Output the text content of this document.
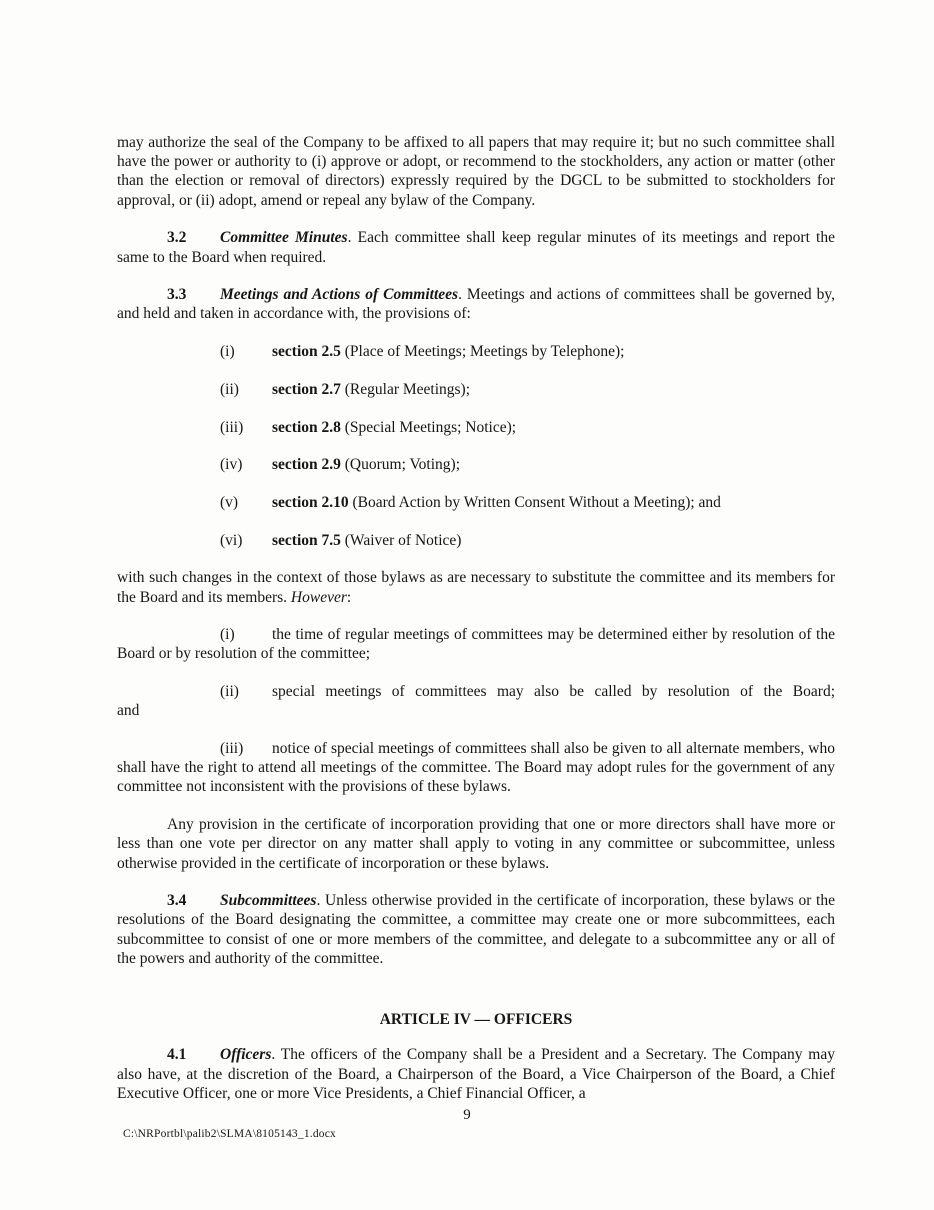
may authorize the seal of the Company to be affixed to all papers that may require it; but no such committee shall have the power or authority to (i) approve or adopt, or recommend to the stockholders, any action or matter (other than the election or removal of directors) expressly required by the DGCL to be submitted to stockholders for approval, or (ii) adopt, amend or repeal any bylaw of the Company.

3.2 Committee Minutes. Each committee shall keep regular minutes of its meetings and report the same to the Board when required.

3.3 Meetings and Actions of Committees. Meetings and actions of committees shall be governed by, and held and taken in accordance with, the provisions of:

(i) section 2.5 (Place of Meetings; Meetings by Telephone);
(ii) section 2.7 (Regular Meetings);
(iii) section 2.8 (Special Meetings; Notice);
(iv) section 2.9 (Quorum; Voting);
(v) section 2.10 (Board Action by Written Consent Without a Meeting); and
(vi) section 7.5 (Waiver of Notice)

with such changes in the context of those bylaws as are necessary to substitute the committee and its members for the Board and its members. However:

(i) the time of regular meetings of committees may be determined either by resolution of the Board or by resolution of the committee;

(ii) special meetings of committees may also be called by resolution of the Board;
and

(iii) notice of special meetings of committees shall also be given to all alternate members, who shall have the right to attend all meetings of the committee. The Board may adopt rules for the government of any committee not inconsistent with the provisions of these bylaws.

Any provision in the certificate of incorporation providing that one or more directors shall have more or less than one vote per director on any matter shall apply to voting in any committee or subcommittee, unless otherwise provided in the certificate of incorporation or these bylaws.

3.4 Subcommittees. Unless otherwise provided in the certificate of incorporation, these bylaws or the resolutions of the Board designating the committee, a committee may create one or more subcommittees, each subcommittee to consist of one or more members of the committee, and delegate to a subcommittee any or all of the powers and authority of the committee.

ARTICLE IV — OFFICERS

4.1 Officers. The officers of the Company shall be a President and a Secretary. The Company may also have, at the discretion of the Board, a Chairperson of the Board, a Vice Chairperson of the Board, a Chief Executive Officer, one or more Vice Presidents, a Chief Financial Officer, a

9
C:\NRPortbl\palib2\SLMA\8105143_1.docx
